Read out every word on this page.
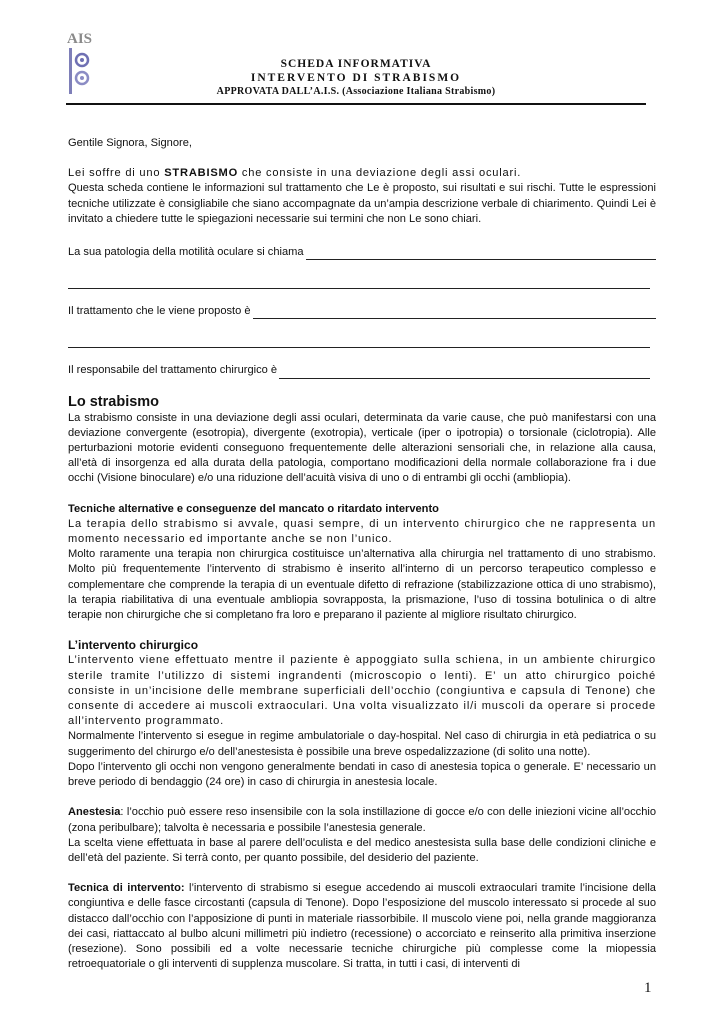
AIS
SCHEDA INFORMATIVA
INTERVENTO DI STRABISMO
APPROVATA DALL’A.I.S. (Associazione Italiana Strabismo)

Gentile Signora, Signore,

Lei soffre di uno STRABISMO che consiste in una deviazione degli assi oculari.

Questa scheda contiene le informazioni sul trattamento che Le è proposto, sui risultati e sui rischi. Tutte le espressioni tecniche utilizzate è consigliabile che siano accompagnate da un’ampia descrizione verbale di chiarimento. Quindi Lei è invitato a chiedere tutte le spiegazioni necessarie sui termini che non Le sono chiari.

La sua patologia della motilità oculare si chiama
Il trattamento che le viene proposto è
Il responsabile del trattamento chirurgico è
Lo strabismo

La strabismo consiste in una deviazione degli assi oculari, determinata da varie cause, che può manifestarsi con una deviazione convergente (esotropia), divergente (exotropia), verticale (iper o ipotropia) o torsionale (ciclotropia). Alle perturbazioni motorie evidenti conseguono frequentemente delle alterazioni sensoriali che, in relazione alla causa, all’età di insorgenza ed alla durata della patologia, comportano modificazioni della normale collaborazione fra i due occhi (Visione binoculare) e/o una riduzione dell’acuità visiva di uno o di entrambi gli occhi (ambliopia).

Tecniche alternative e conseguenze del mancato o ritardato intervento

La terapia dello strabismo si avvale, quasi sempre, di un intervento chirurgico che ne rappresenta un momento necessario ed importante anche se non l’unico.

Molto raramente una terapia non chirurgica costituisce un’alternativa alla chirurgia nel trattamento di uno strabismo. Molto più frequentemente l’intervento di strabismo è inserito all’interno di un percorso terapeutico complesso e complementare che comprende la terapia di un eventuale difetto di refrazione (stabilizzazione ottica di uno strabismo), la terapia riabilitativa di una eventuale ambliopia sovrapposta, la prismazione, l’uso di tossina botulinica o di altre terapie non chirurgiche che si completano fra loro e preparano il paziente al migliore risultato chirurgico.

L’intervento chirurgico

L’intervento viene effettuato mentre il paziente è appoggiato sulla schiena, in un ambiente chirurgico sterile tramite l’utilizzo di sistemi ingrandenti (microscopio o lenti). E’ un atto chirurgico poiché consiste in un’incisione delle membrane superficiali dell’occhio (congiuntiva e capsula di Tenone) che consente di accedere ai muscoli extraoculari. Una volta visualizzato il/i muscoli da operare si procede all’intervento programmato.

Normalmente l’intervento si esegue in regime ambulatoriale o day-hospital. Nel caso di chirurgia in età pediatrica o su suggerimento del chirurgo e/o dell’anestesista è possibile una breve ospedalizzazione (di solito una notte).

Dopo l’intervento gli occhi non vengono generalmente bendati in caso di anestesia topica o generale. E’ necessario un breve periodo di bendaggio (24 ore) in caso di chirurgia in anestesia locale.

Anestesia: l’occhio può essere reso insensibile con la sola instillazione di gocce e/o con delle iniezioni vicine all’occhio (zona peribulbare); talvolta è necessaria e possibile l’anestesia generale.

La scelta viene effettuata in base al parere dell’oculista e del medico anestesista sulla base delle condizioni cliniche e dell’età del paziente. Si terrà conto, per quanto possibile, del desiderio del paziente.

Tecnica di intervento: l’intervento di strabismo si esegue accedendo ai muscoli extraoculari tramite l’incisione della congiuntiva e delle fasce circostanti (capsula di Tenone). Dopo l’esposizione del muscolo interessato si procede al suo distacco dall’occhio con l’apposizione di punti in materiale riassorbibile. Il muscolo viene poi, nella grande maggioranza dei casi, riattaccato al bulbo alcuni millimetri più indietro (recessione) o accorciato e reinserito alla primitiva inserzione (resezione). Sono possibili ed a volte necessarie tecniche chirurgiche più complesse come la miopessia retroequatoriale o gli interventi di supplenza muscolare. Si tratta, in tutti i casi, di interventi di

1
